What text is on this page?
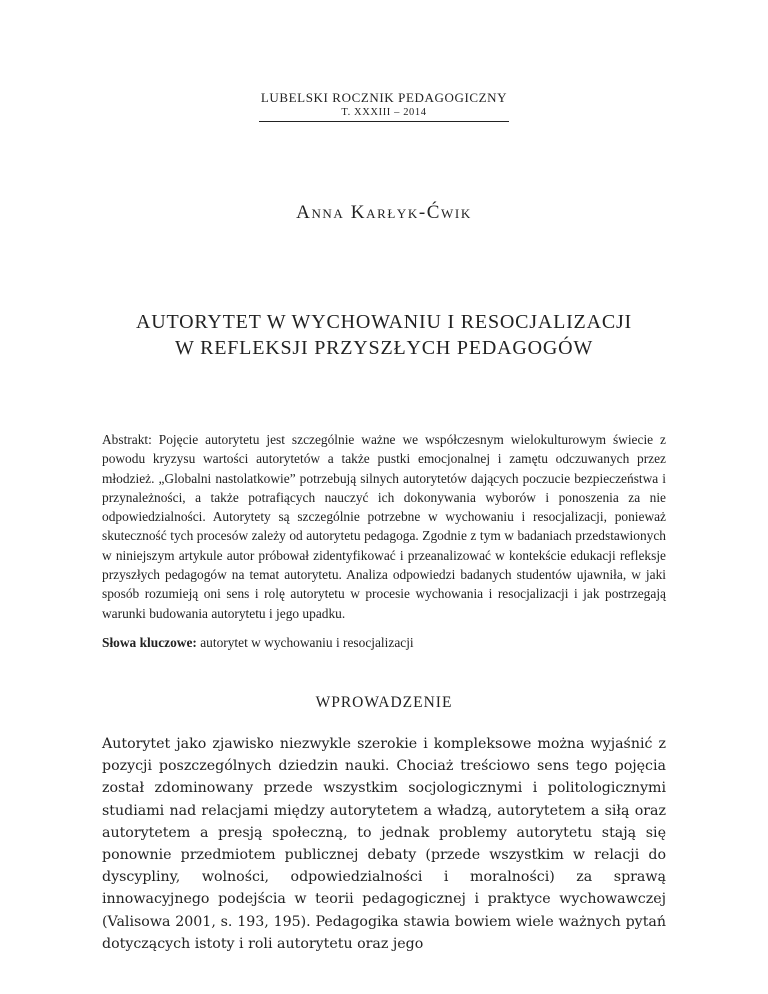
LUBELSKI ROCZNIK PEDAGOGICZNY
T. XXXIII – 2014
Anna Karłyk-Ćwik
AUTORYTET W WYCHOWANIU I RESOCJALIZACJI
W REFLEKSJI PRZYSZŁYCH PEDAGOGÓW
Abstrakt: Pojęcie autorytetu jest szczególnie ważne we współczesnym wielokulturowym świecie z powodu kryzysu wartości autorytetów a także pustki emocjonalnej i zamętu odczuwanych przez młodzież. „Globalni nastolatkowie” potrzebują silnych autorytetów dających poczucie bezpieczeństwa i przynależności, a także potrafiących nauczyć ich dokonywania wyborów i ponoszenia za nie odpowiedzialności. Autorytety są szczególnie potrzebne w wychowaniu i resocjalizacji, ponieważ skuteczność tych procesów zależy od autorytetu pedagoga. Zgodnie z tym w badaniach przedstawionych w niniejszym artykule autor próbował zidentyfikować i przeanalizować w kontekście edukacji refleksje przyszłych pedagogów na temat autorytetu. Analiza odpowiedzi badanych studentów ujawniła, w jaki sposób rozumieją oni sens i rolę autorytetu w procesie wychowania i resocjalizacji i jak postrzegają warunki budowania autorytetu i jego upadku.
Słowa kluczowe: autorytet w wychowaniu i resocjalizacji
WPROWADZENIE
Autorytet jako zjawisko niezwykle szerokie i kompleksowe można wyjaśnić z pozycji poszczególnych dziedzin nauki. Chociaż treściowo sens tego pojęcia został zdominowany przede wszystkim socjologicznymi i politologicznymi studiami nad relacjami między autorytetem a władzą, autorytetem a siłą oraz autorytetem a presją społeczną, to jednak problemy autorytetu stają się ponownie przedmiotem publicznej debaty (przede wszystkim w relacji do dyscypliny, wolności, odpowiedzialności i moralności) za sprawą innowacyjnego podejścia w teorii pedagogicznej i praktyce wychowawczej (Valisowa 2001, s. 193, 195). Pedagogika stawia bowiem wiele ważnych pytań dotyczących istoty i roli autorytetu oraz jego
